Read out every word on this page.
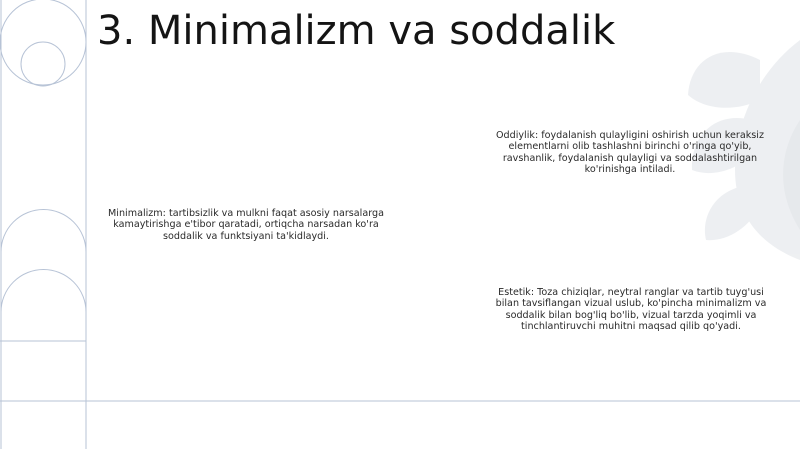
3. Minimalizm va soddalik
Oddiylik: foydalanish qulayligini oshirish uchun keraksiz elementlarni olib tashlashni birinchi o'ringa qo'yib, ravshanlik, foydalanish qulayligi va soddalashtirilgan ko'rinishga intiladi.
Minimalizm: tartibsizlik va mulkni faqat asosiy narsalarga kamaytirishga e'tibor qaratadi, ortiqcha narsadan ko'ra soddalik va funktsiyani ta'kidlaydi.
Estetik: Toza chiziqlar, neytral ranglar va tartib tuyg'usi bilan tavsiflangan vizual uslub, ko'pincha minimalizm va soddalik bilan bog'liq bo'lib, vizual tarzda yoqimli va tinchlantiruvchi muhitni maqsad qilib qo'yadi.
